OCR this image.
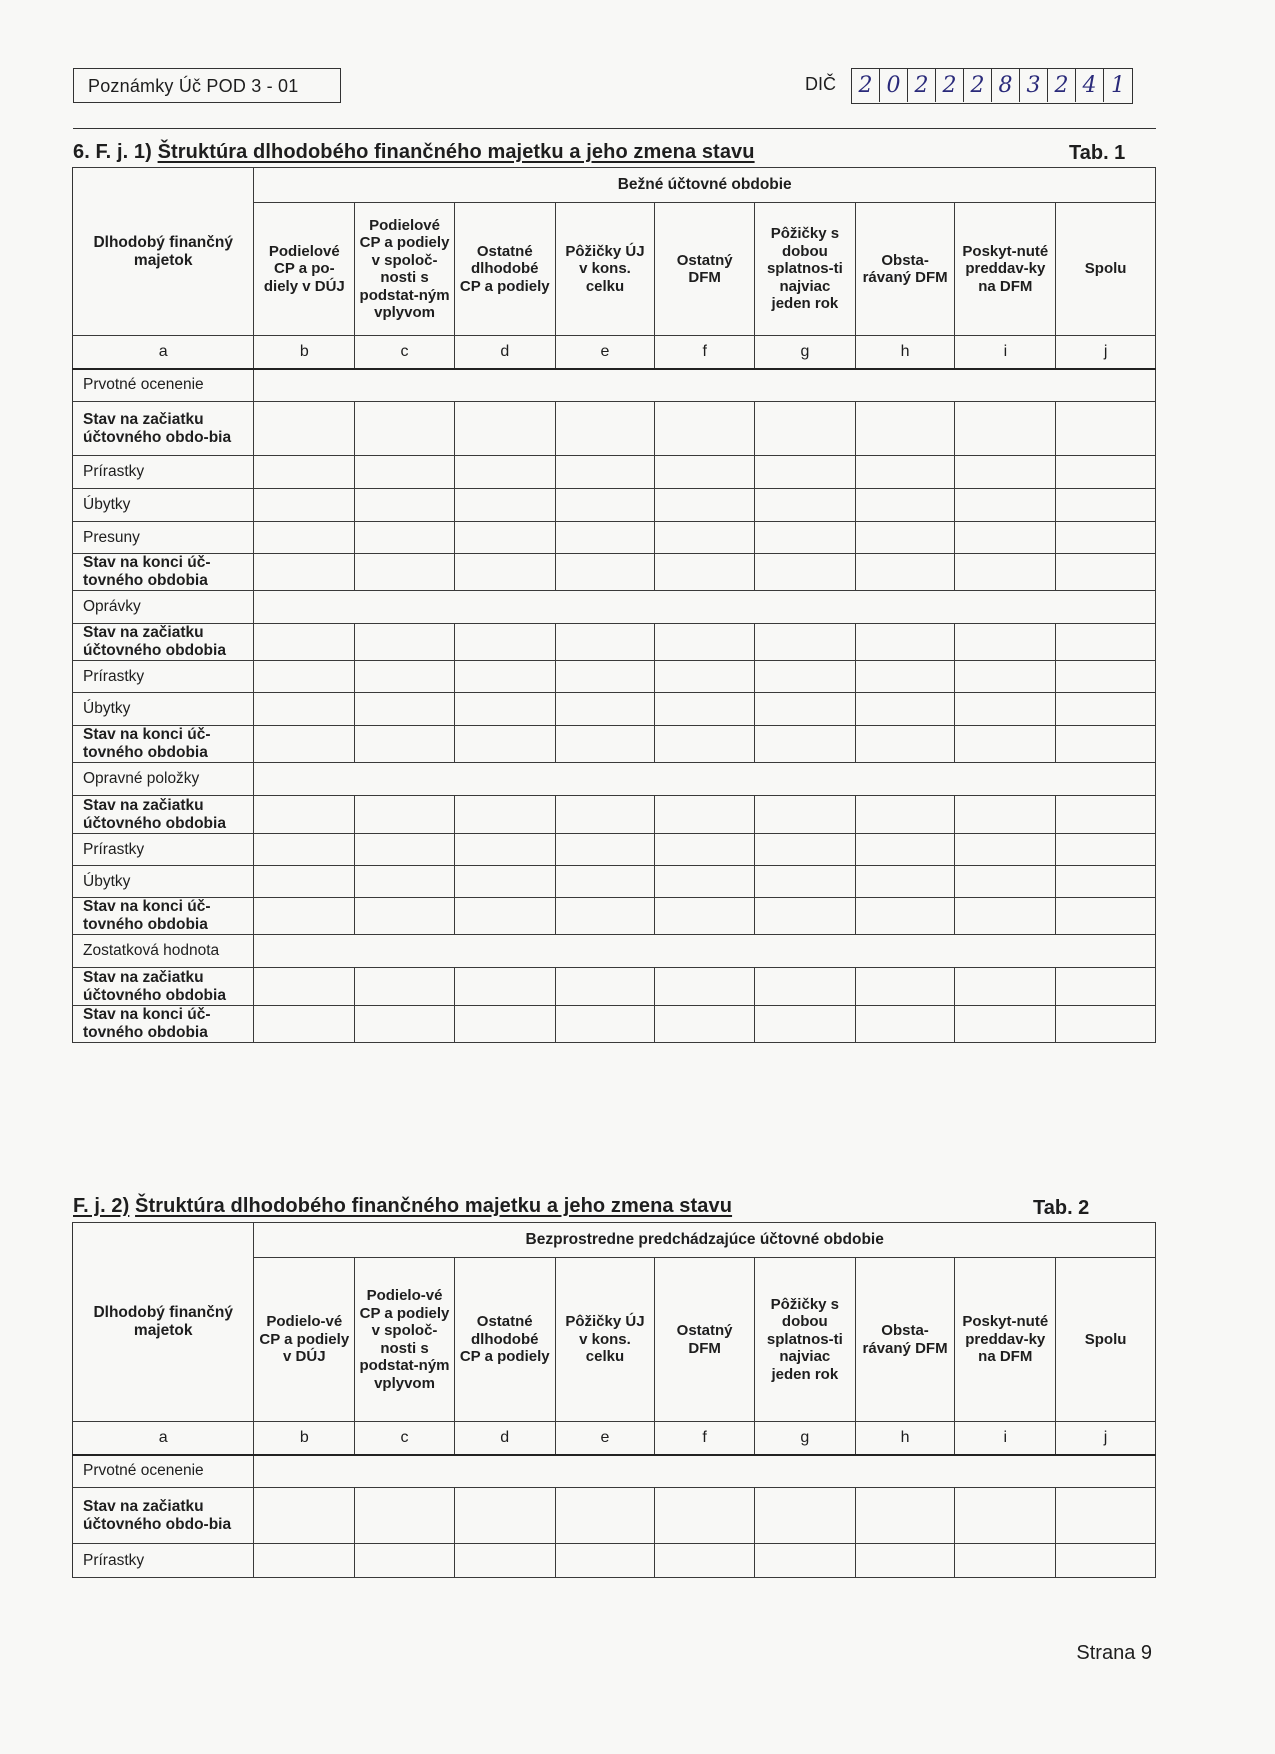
Poznámky Úč POD 3 - 01	DIČ 2 0 2 2 2 8 3 2 4 1
6. F. j. 1) Štruktúra dlhodobého finančného majetku a jeho zmena stavu	Tab. 1
Dlhodobý finančný majetok	Bežné účtovné obdobie								
	Podielové CP a po-diely v DÚJ	Podielové CP a podiely v spoloč-nosti s podstat-ným vplyvom	Ostatné dlhodobé CP a podiely	Pôžičky ÚJ v kons. celku	Ostatný DFM	Pôžičky s dobou splatnos-ti najviac jeden rok	Obsta-rávaný DFM	Poskyt-nuté preddav-ky na DFM	Spolu
a	b	c	d	e	f	g	h	i	j
Prvotné ocenenie									
Stav na začiatku účtovného obdo-bia									
Prírastky									
Úbytky									
Presuny									
Stav na konci úč-tovného obdobia									
Oprávky									
Stav na začiatku účtovného obdobia									
Prírastky									
Úbytky									
Stav na konci úč-tovného obdobia									
Opravné položky									
Stav na začiatku účtovného obdobia									
Prírastky									
Úbytky									
Stav na konci úč-tovného obdobia									
Zostatková hodnota									
Stav na začiatku účtovného obdobia									
Stav na konci úč-tovného obdobia									
F. j. 2) Štruktúra dlhodobého finančného majetku a jeho zmena stavu	Tab. 2
Dlhodobý finančný majetok	Bezprostredne predchádzajúce účtovné obdobie								
	Podielo-vé CP a podiely v DÚJ	Podielo-vé CP a podiely v spoloč-nosti s podstat-ným vplyvom	Ostatné dlhodobé CP a podiely	Pôžičky ÚJ v kons. celku	Ostatný DFM	Pôžičky s dobou splatnos-ti najviac jeden rok	Obsta-rávaný DFM	Poskyt-nuté preddav-ky na DFM	Spolu
a	b	c	d	e	f	g	h	i	j
Prvotné ocenenie									
Stav na začiatku účtovného obdo-bia									
Prírastky									
Strana 9
